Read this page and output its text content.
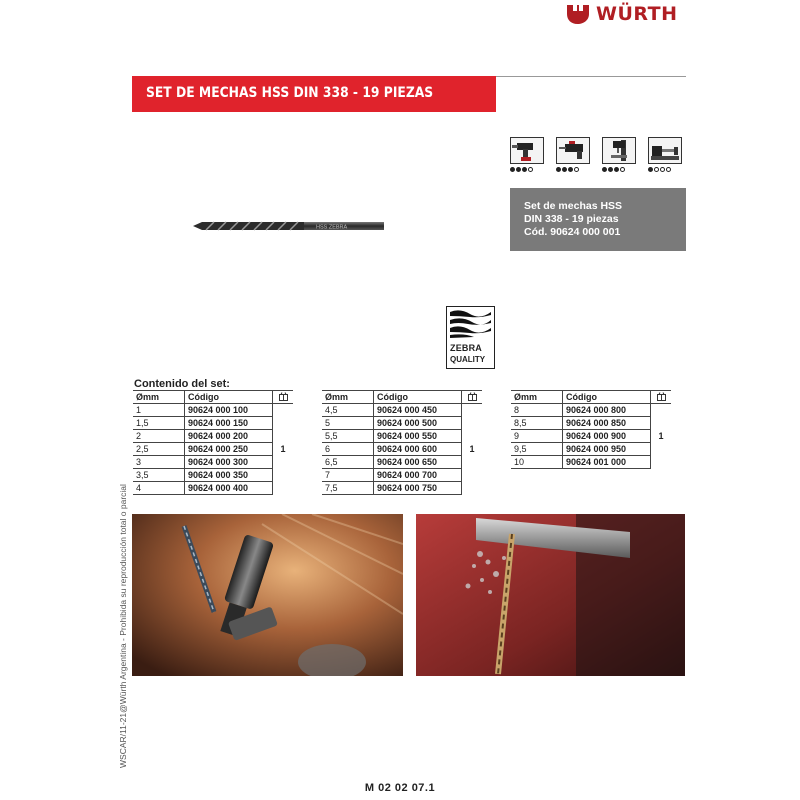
WÜRTH
SET DE MECHAS HSS DIN 338 - 19 PIEZAS
Set de mechas HSS
DIN 338 - 19 piezas
Cód. 90624 000 001
HSS ZEBRA
ZEBRA
QUALITY
Contenido del set:
Ømm	Código	
1	90624 000 100	1
1,5	90624 000 150	
2	90624 000 200	
2,5	90624 000 250	
3	90624 000 300	
3,5	90624 000 350	
4	90624 000 400	
Ømm	Código	
4,5	90624 000 450	1
5	90624 000 500	
5,5	90624 000 550	
6	90624 000 600	
6,5	90624 000 650	
7	90624 000 700	
7,5	90624 000 750	
Ømm	Código	
8	90624 000 800	1
8,5	90624 000 850	
9	90624 000 900	
9,5	90624 000 950	
10	90624 001 000	
WSCAR/11-21@Würth Argentina - Prohibida su reproducción total o parcial
M 02 02 07.1
